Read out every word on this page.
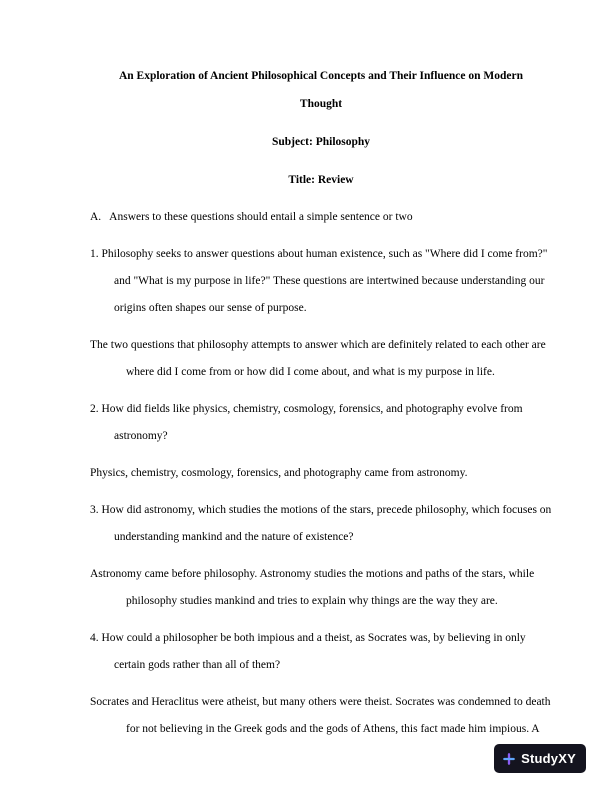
An Exploration of Ancient Philosophical Concepts and Their Influence on Modern
Thought
Subject: Philosophy
Title: Review

A.   Answers to these questions should entail a simple sentence or two

1. Philosophy seeks to answer questions about human existence, such as "Where did I come from?" and "What is my purpose in life?" These questions are intertwined because understanding our origins often shapes our sense of purpose.

The two questions that philosophy attempts to answer which are definitely related to each other are where did I come from or how did I come about, and what is my purpose in life.

2. How did fields like physics, chemistry, cosmology, forensics, and photography evolve from astronomy?

Physics, chemistry, cosmology, forensics, and photography came from astronomy.

3. How did astronomy, which studies the motions of the stars, precede philosophy, which focuses on understanding mankind and the nature of existence?

Astronomy came before philosophy. Astronomy studies the motions and paths of the stars, while philosophy studies mankind and tries to explain why things are the way they are.

4. How could a philosopher be both impious and a theist, as Socrates was, by believing in only certain gods rather than all of them?

Socrates and Heraclitus were atheist, but many others were theist. Socrates was condemned to death for not believing in the Greek gods and the gods of Athens, this fact made him impious. A

StudyXY
